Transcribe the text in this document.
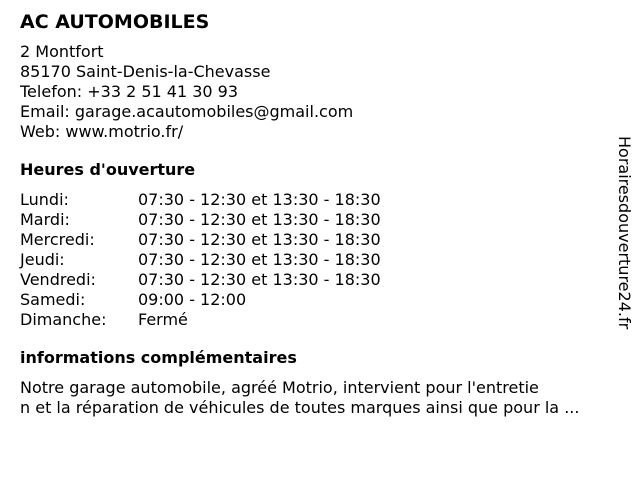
AC AUTOMOBILES
2 Montfort
85170 Saint-Denis-la-Chevasse
Telefon: +33 2 51 41 30 93
Email: garage.acautomobiles@gmail.com
Web: www.motrio.fr/
Heures d'ouverture
Lundi:	07:30 - 12:30 et 13:30 - 18:30
Mardi:	07:30 - 12:30 et 13:30 - 18:30
Mercredi:	07:30 - 12:30 et 13:30 - 18:30
Jeudi:	07:30 - 12:30 et 13:30 - 18:30
Vendredi:	07:30 - 12:30 et 13:30 - 18:30
Samedi:	09:00 - 12:00
Dimanche: Fermé
informations complémentaires
Notre garage automobile, agréé Motrio, intervient pour l'entretie
n et la réparation de véhicules de toutes marques ainsi que pour la ...
Horairesdouverture24.fr
